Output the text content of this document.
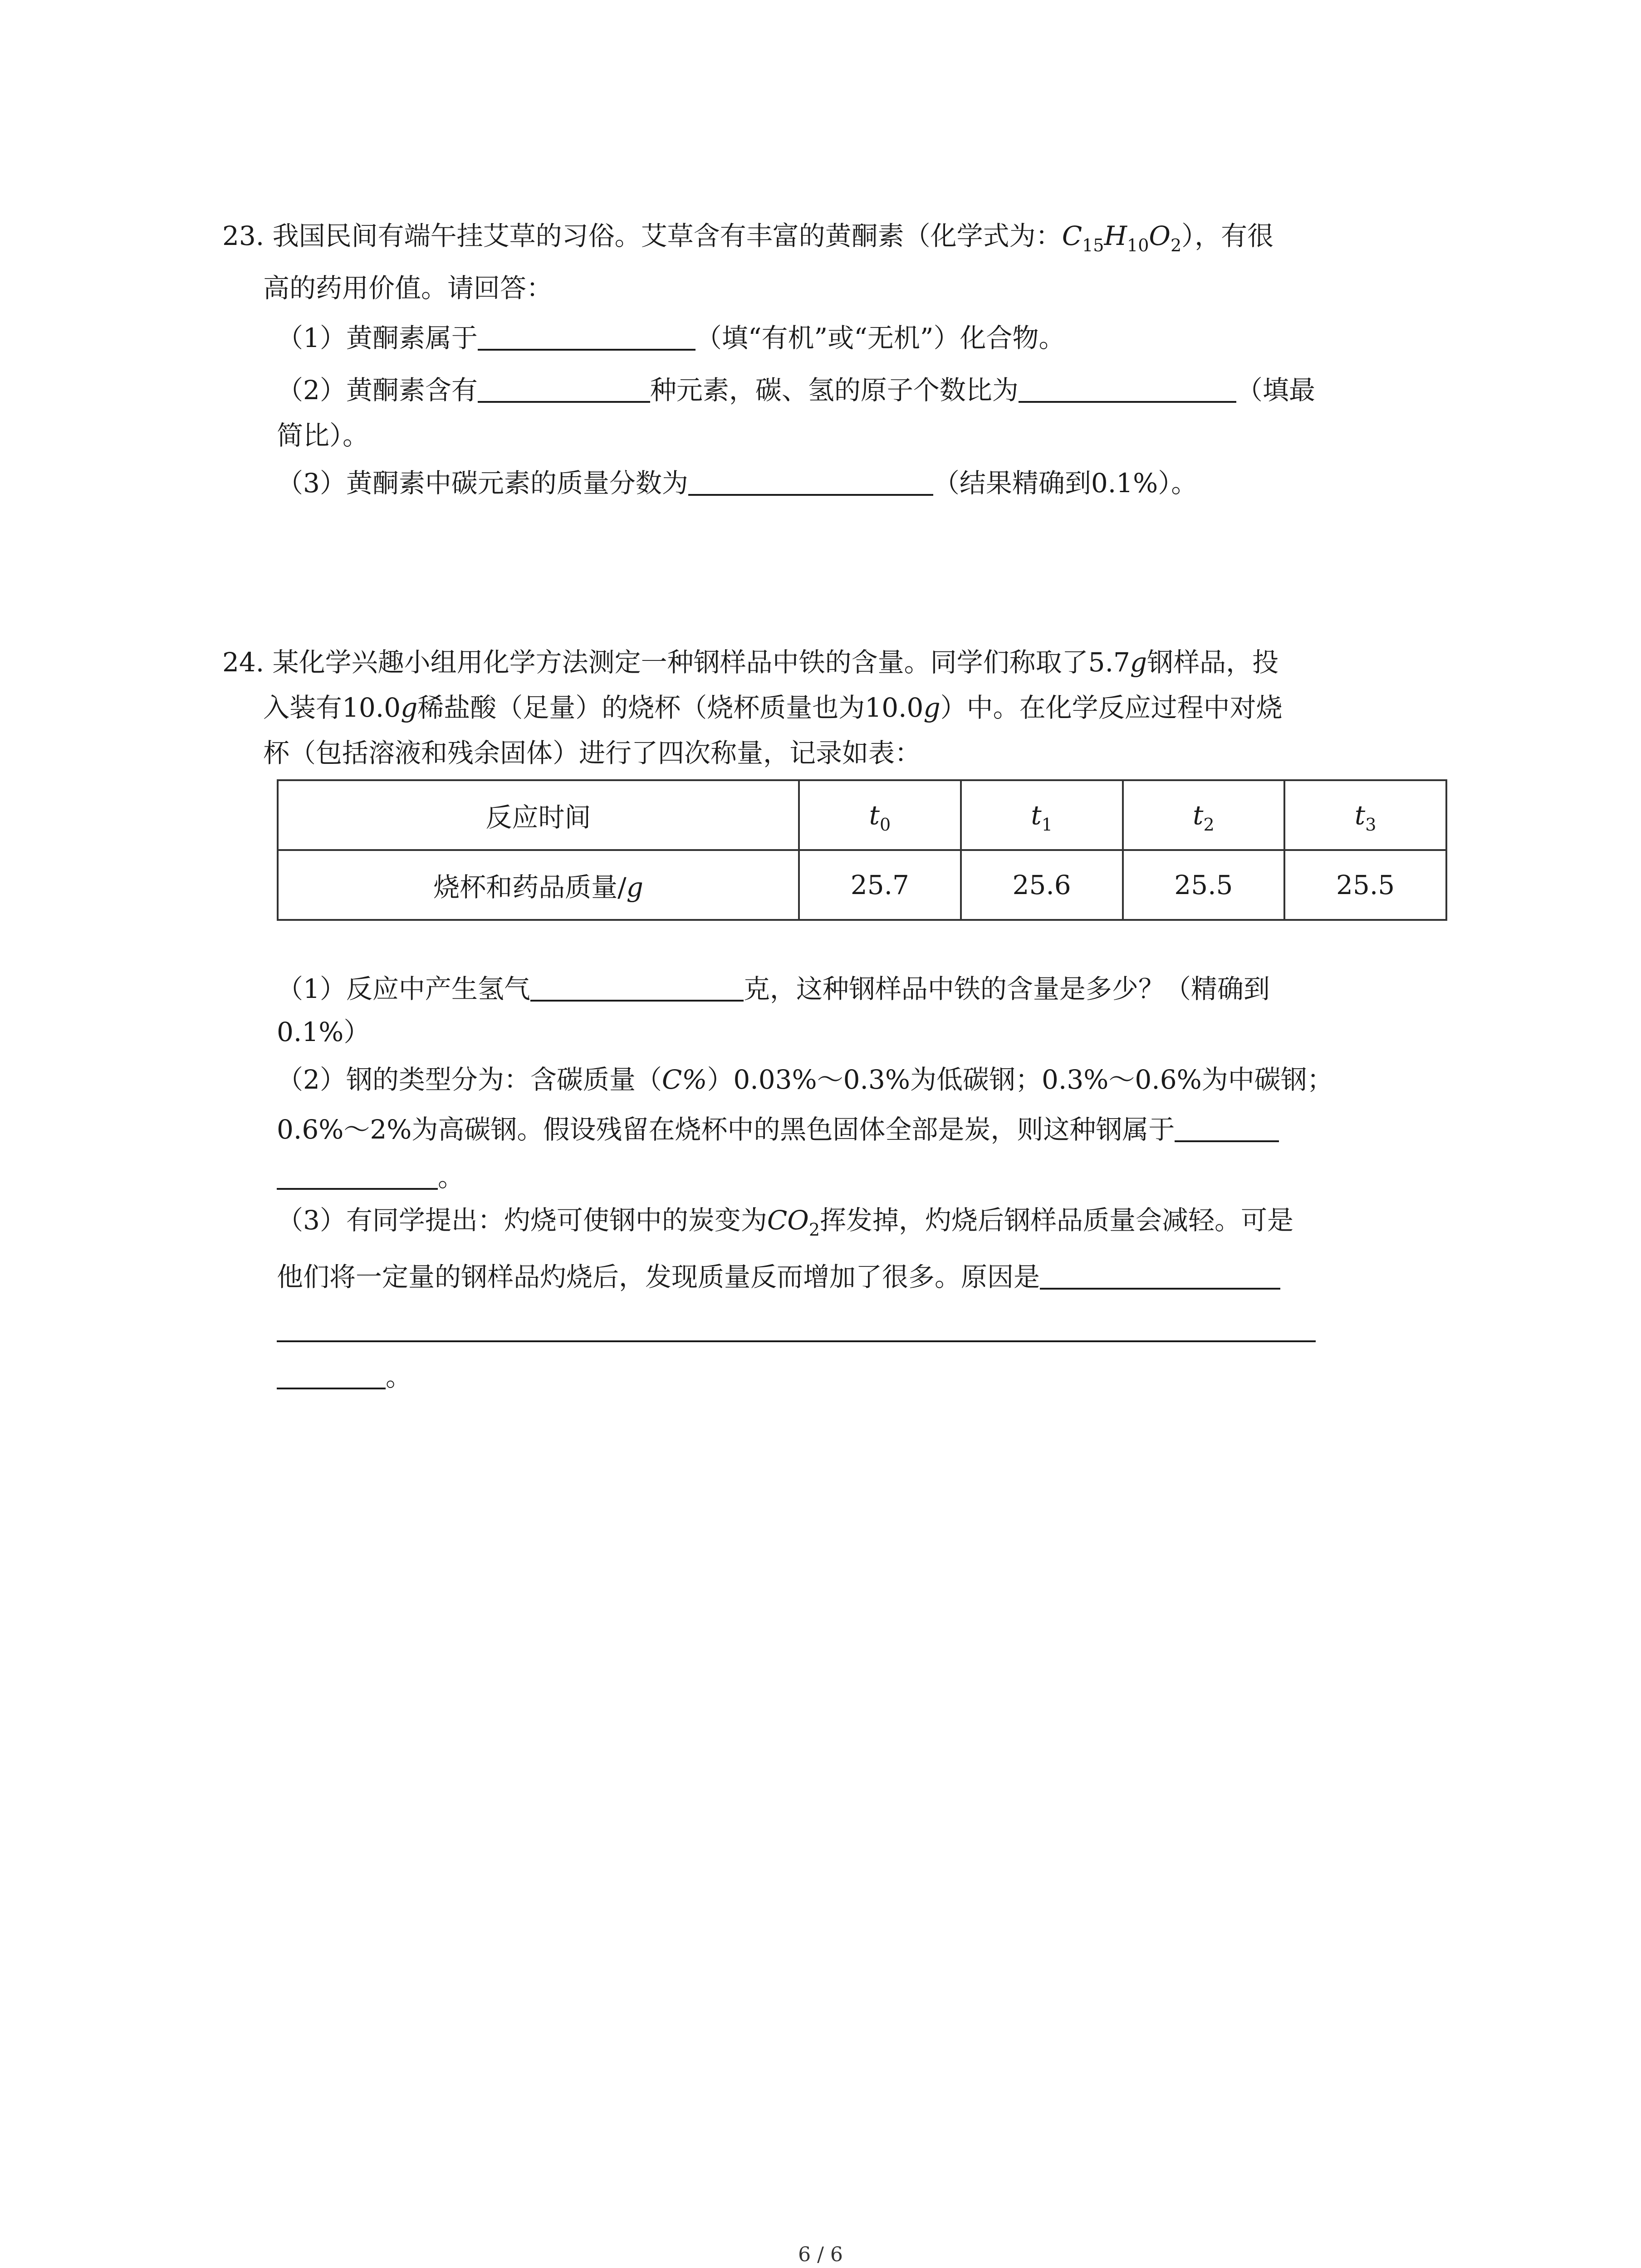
23. 我国民间有端午挂艾草的习俗。艾草含有丰富的黄酮素（化学式为：$C_{15}H_{10}O_2$），有很
高的药用价值。请回答：
（1）黄酮素属于	（填“有机”或“无机”）化合物。
（2）黄酮素含有	种元素，碳、氢的原子个数比为	（填最
简比）。
（3）黄酮素中碳元素的质量分数为	（结果精确到0.1%）。
24. 某化学兴趣小组用化学方法测定一种钢样品中铁的含量。同学们称取了5.7g钢样品，投
入装有10.0g稀盐酸（足量）的烧杯（烧杯质量也为10.0g）中。在化学反应过程中对烧
杯（包括溶液和残余固体）进行了四次称量，记录如表：
反应时间	$t_0$	$t_1$	$t_2$	$t_3$
烧杯和药品质量/g	25.7	25.6	25.5	25.5
（1）反应中产生氢气	克，这种钢样品中铁的含量是多少？（精确到
0.1%）
（2）钢的类型分为：含碳质量（C%）0.03%～0.3%为低碳钢；0.3%～0.6%为中碳钢；
0.6%～2%为高碳钢。假设残留在烧杯中的黑色固体全部是炭，则这种钢属于
。
（3）有同学提出：灼烧可使钢中的炭变为$CO_2$挥发掉，灼烧后钢样品质量会减轻。可是
他们将一定量的钢样品灼烧后，发现质量反而增加了很多。原因是
。
6 / 6
